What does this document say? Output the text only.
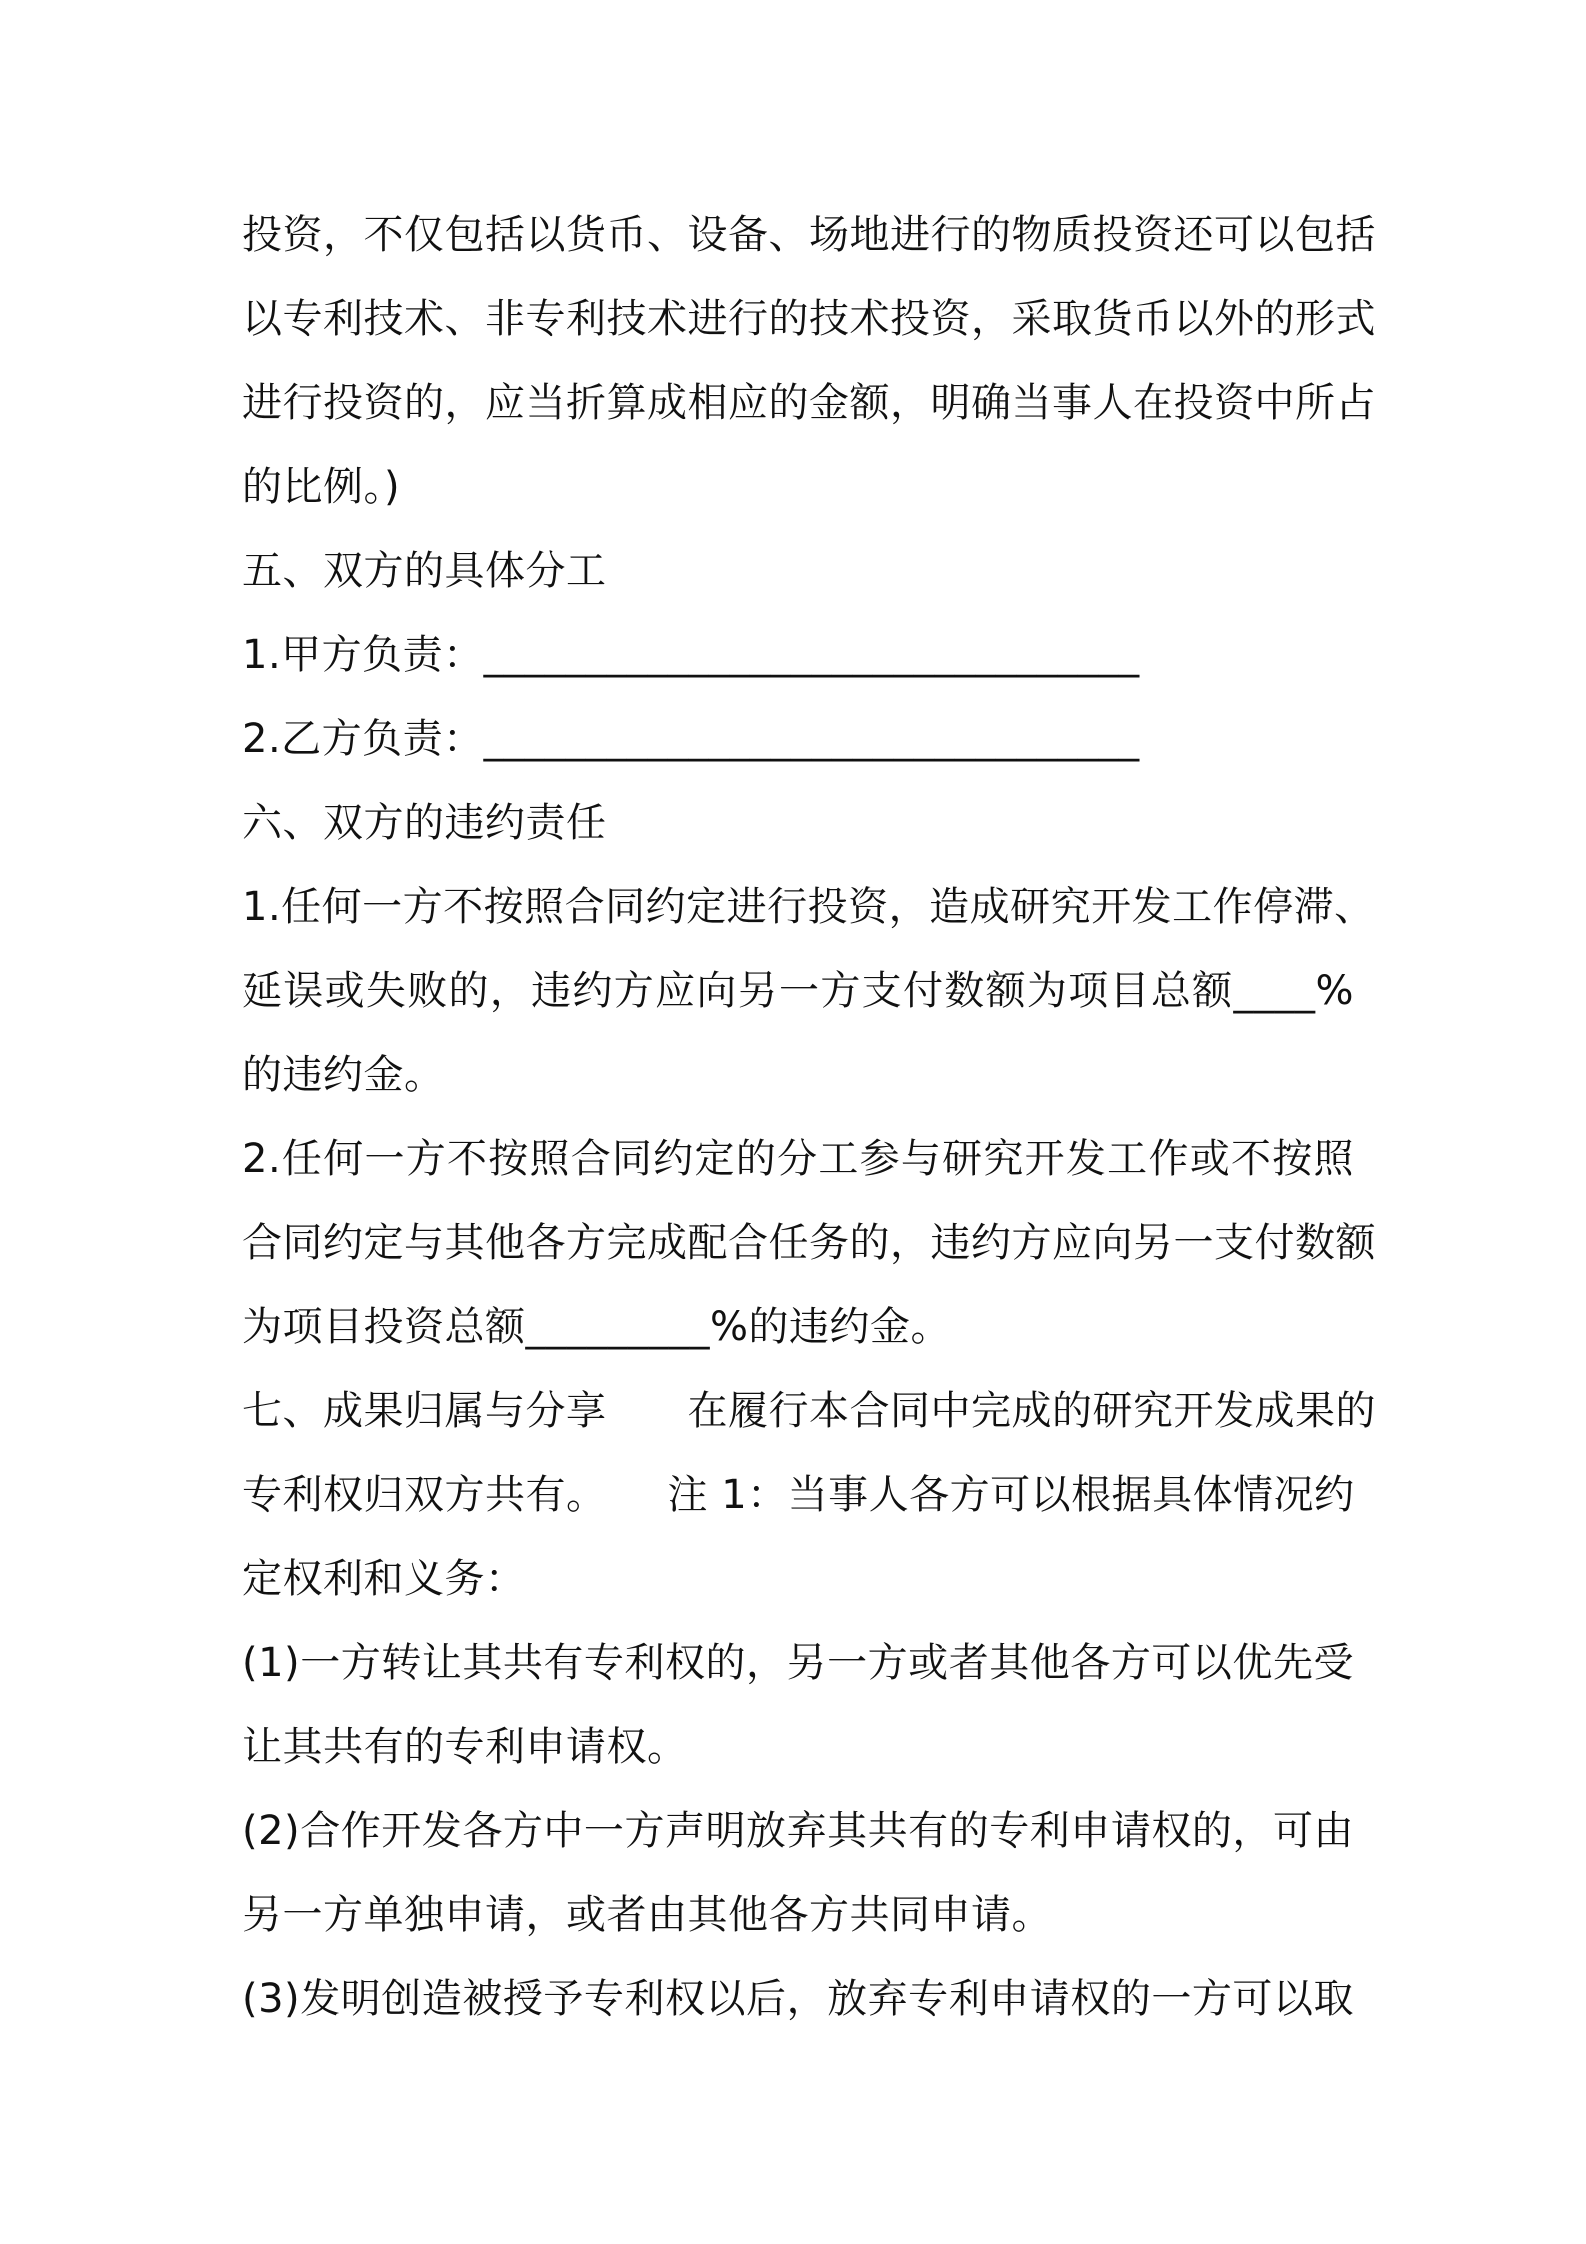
投资，不仅包括以货币、设备、场地进行的物质投资还可以包括
以专利技术、非专利技术进行的技术投资，采取货币以外的形式
进行投资的，应当折算成相应的金额，明确当事人在投资中所占
的比例。)
五、双方的具体分工
1.甲方负责：________________________________
2.乙方负责：________________________________
六、双方的违约责任
1.任何一方不按照合同约定进行投资，造成研究开发工作停滞、
延误或失败的，违约方应向另一方支付数额为项目总额____%
的违约金。
2.任何一方不按照合同约定的分工参与研究开发工作或不按照
合同约定与其他各方完成配合任务的，违约方应向另一支付数额
为项目投资总额_________%的违约金。
七、成果归属与分享　　在履行本合同中完成的研究开发成果的
专利权归双方共有。　　注 1：当事人各方可以根据具体情况约
定权利和义务：
(1)一方转让其共有专利权的，另一方或者其他各方可以优先受
让其共有的专利申请权。
(2)合作开发各方中一方声明放弃其共有的专利申请权的，可由
另一方单独申请，或者由其他各方共同申请。
(3)发明创造被授予专利权以后，放弃专利申请权的一方可以取
